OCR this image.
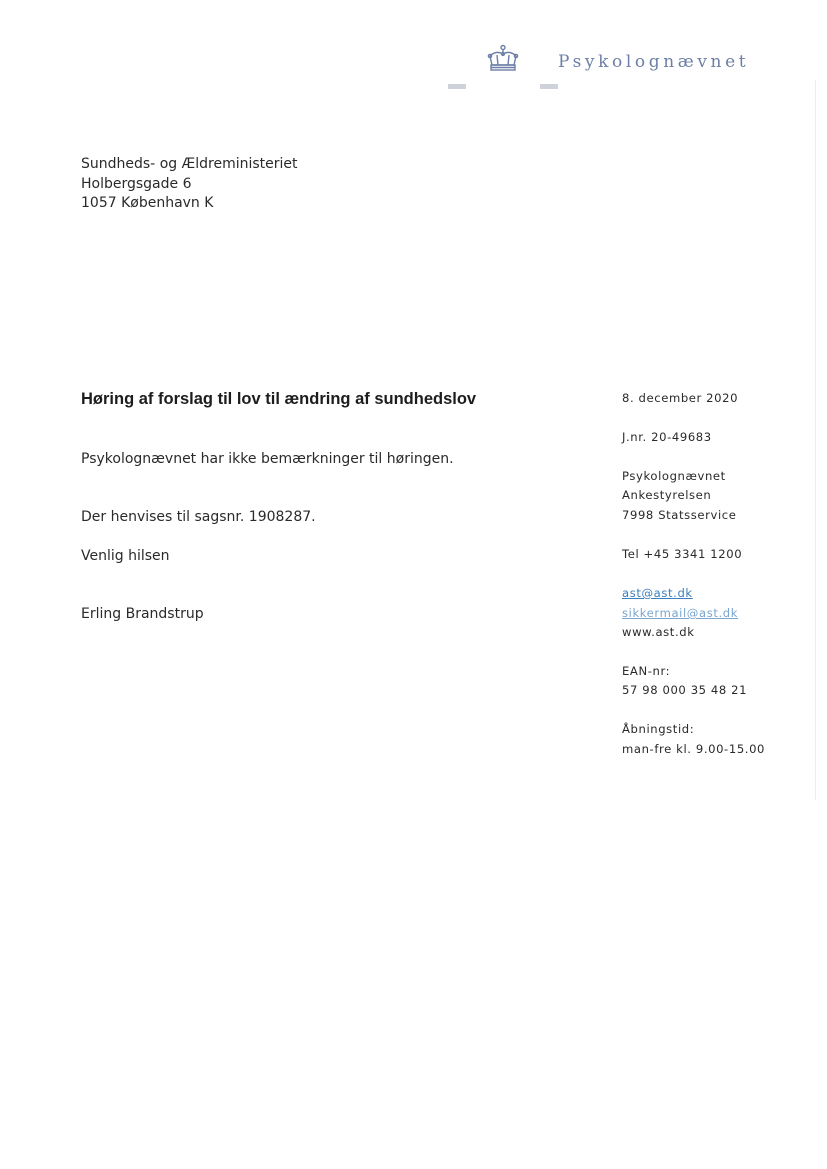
Psykolognævnet
Sundheds- og Ældreministeriet
Holbergsgade 6
1057 København K
Høring af forslag til lov til ændring af sundhedslov
Psykolognævnet har ikke bemærkninger til høringen.
Der henvises til sagsnr. 1908287.
Venlig hilsen
Erling Brandstrup
8. december 2020
J.nr. 20-49683
Psykolognævnet
Ankestyrelsen
7998 Statsservice
Tel +45 3341 1200
ast@ast.dk
sikkermail@ast.dk
www.ast.dk
EAN-nr:
57 98 000 35 48 21
Åbningstid:
man-fre kl. 9.00-15.00
